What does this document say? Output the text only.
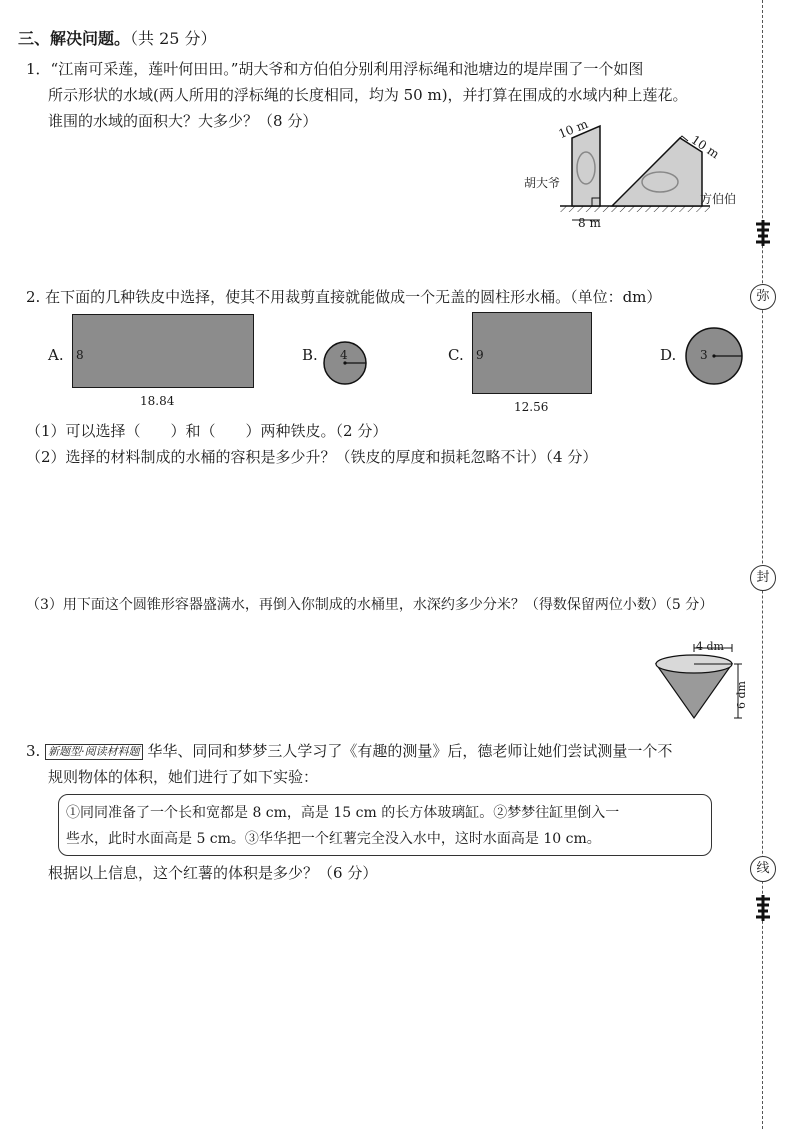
弥
封
线
三、解决问题。（共 25 分）
1．“江南可采莲，莲叶何田田。”胡大爷和方伯伯分别利用浮标绳和池塘边的堤岸围了一个如图
所示形状的水域(两人所用的浮标绳的长度相同，均为 50 m)，并打算在围成的水域内种上莲花。
谁围的水域的面积大？大多少？（8 分）	10 m
10 m
8 m
胡大爷
方伯伯
2. 在下面的几种铁皮中选择，使其不用裁剪直接就能做成一个无盖的圆柱形水桶。（单位：dm）
A. 8
18.84
B. 4	C. 9
12.56
D. 3
（1）可以选择（　　）和（　　）两种铁皮。（2 分）
（2）选择的材料制成的水桶的容积是多少升？（铁皮的厚度和损耗忽略不计）（4 分）
（3）用下面这个圆锥形容器盛满水，再倒入你制成的水桶里，水深约多少分米？（得数保留两位小数）（5 分）
4 dm
6 dm
3. 新题型·阅读材料题 华华、同同和梦梦三人学习了《有趣的测量》后，德老师让她们尝试测量一个不
规则物体的体积，她们进行了如下实验：
①同同准备了一个长和宽都是 8 cm，高是 15 cm 的长方体玻璃缸。②梦梦往缸里倒入一
些水，此时水面高是 5 cm。③华华把一个红薯完全没入水中，这时水面高是 10 cm。
根据以上信息，这个红薯的体积是多少？（6 分）
